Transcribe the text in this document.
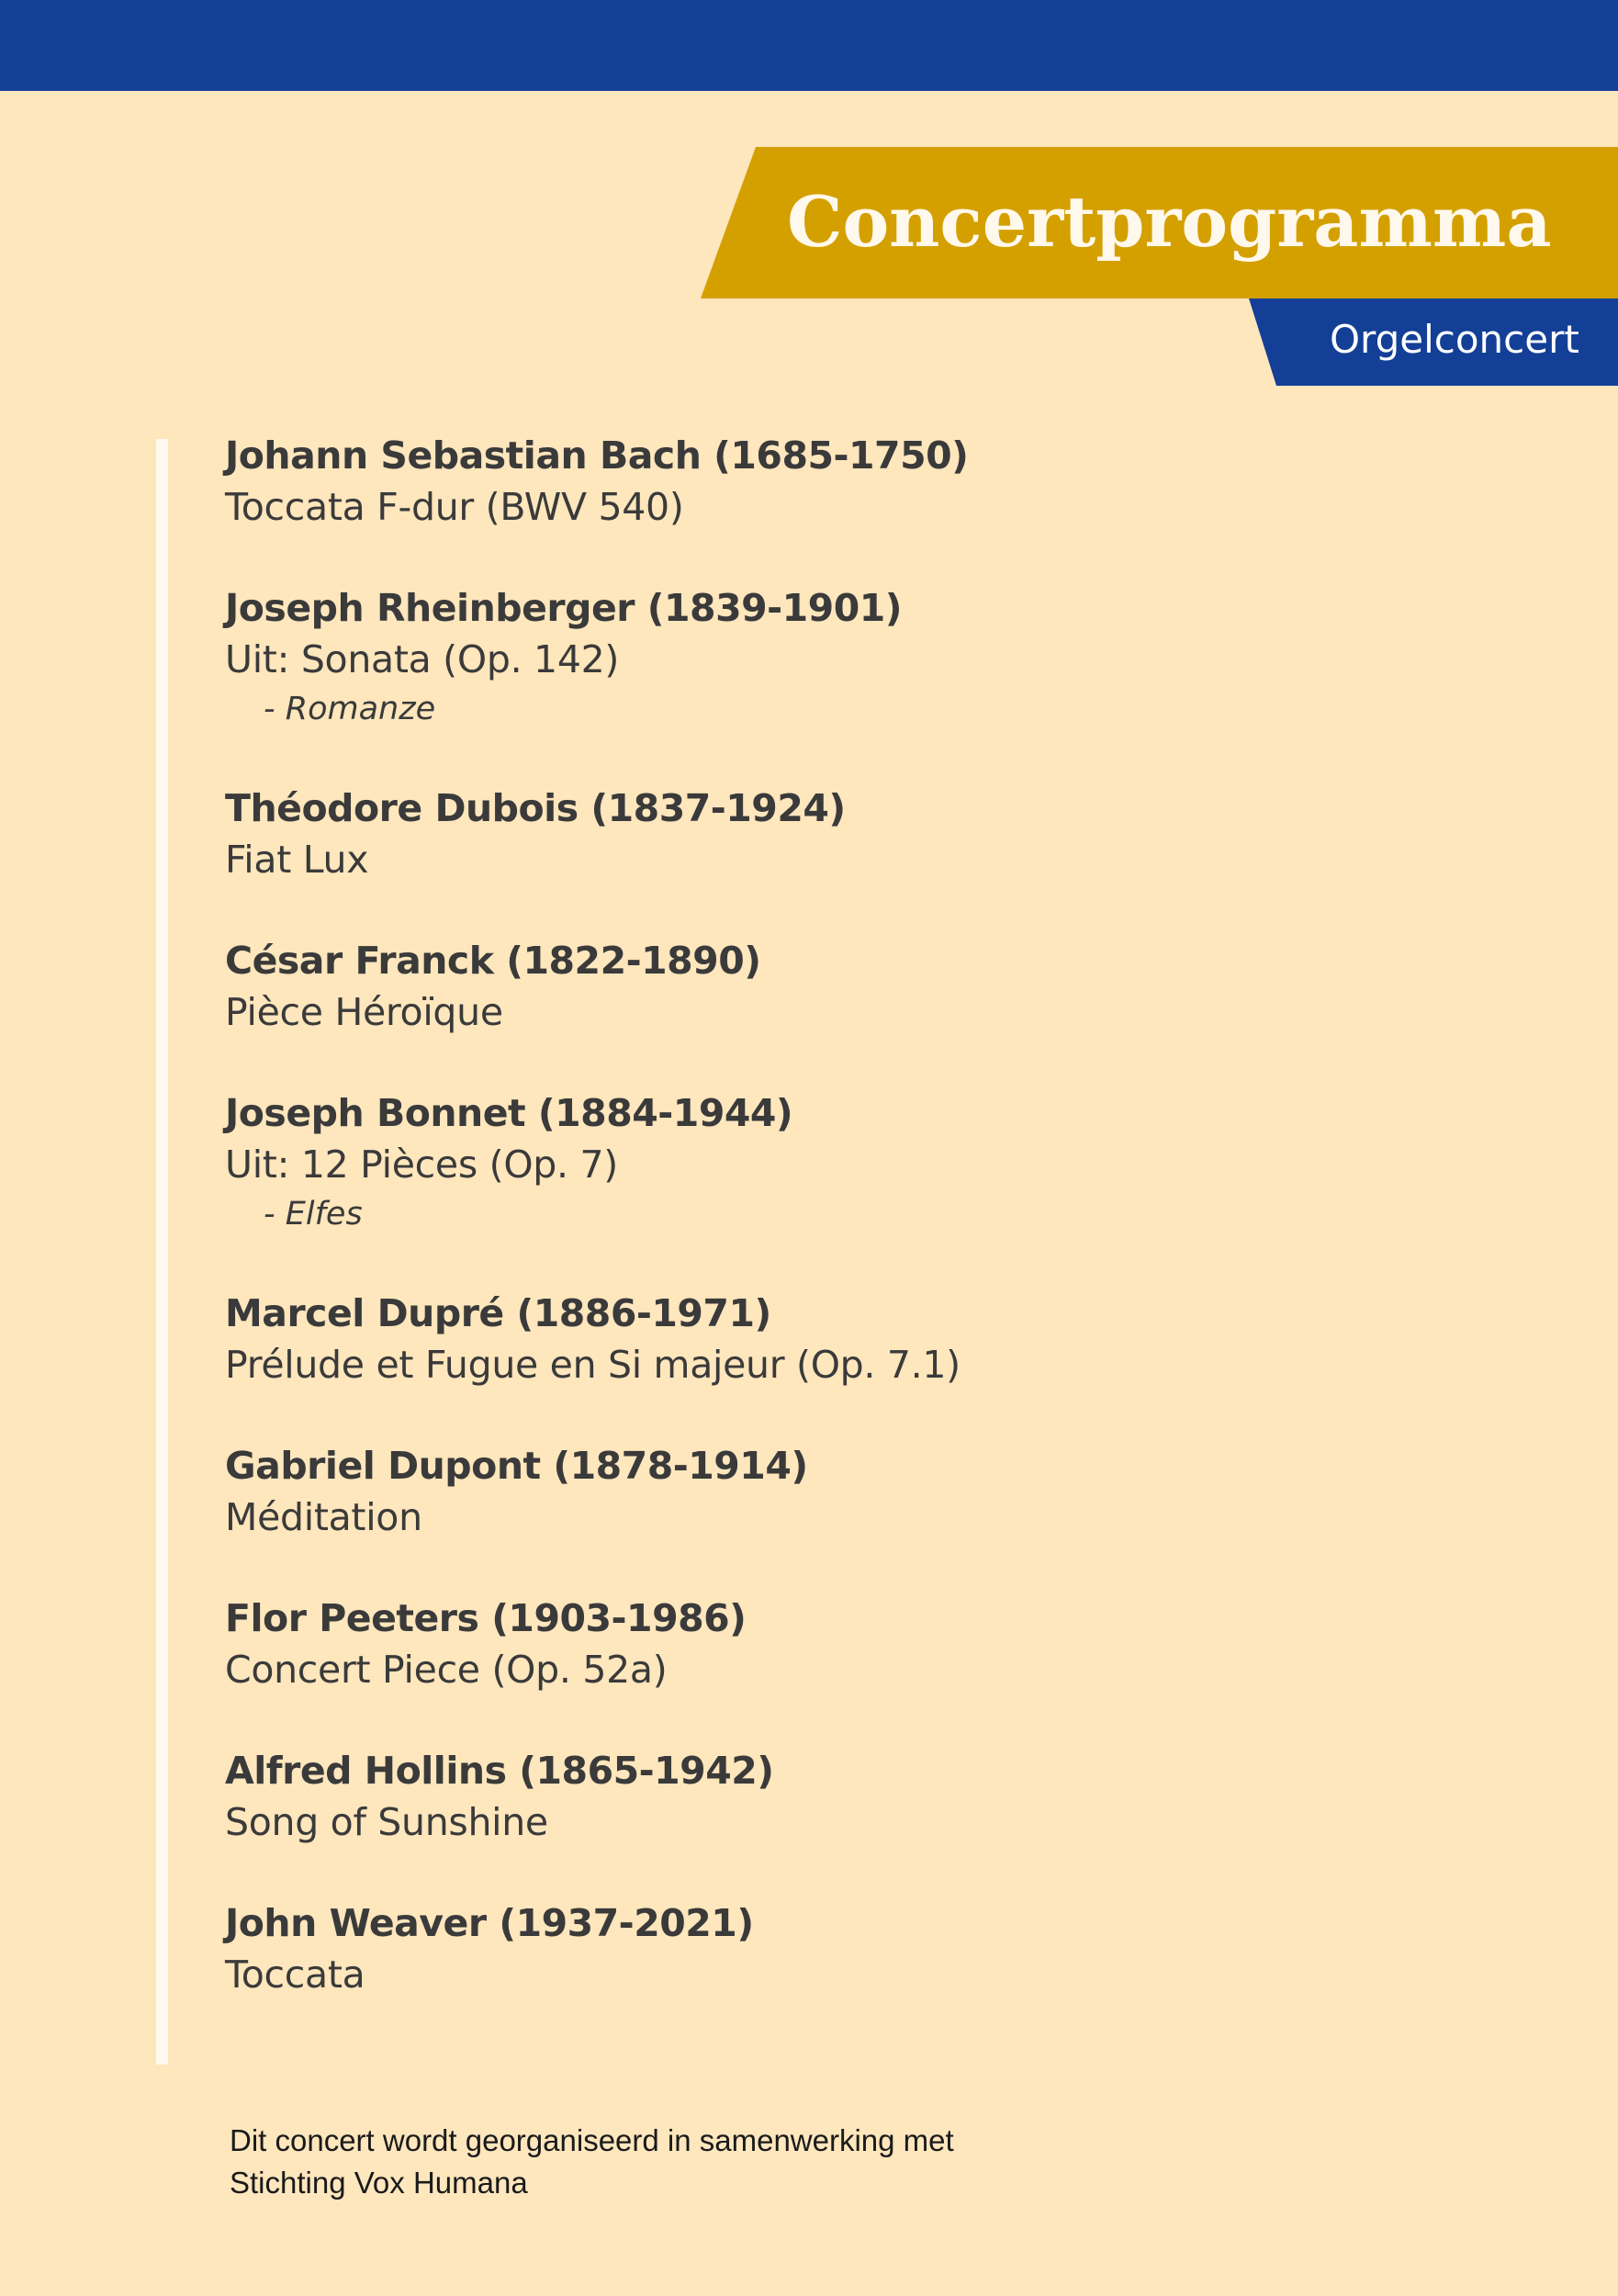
Concertprogramma
Orgelconcert
Johann Sebastian Bach (1685-1750)
Toccata F-dur (BWV 540)
Joseph Rheinberger (1839-1901)
Uit: Sonata (Op. 142)
- Romanze
Théodore Dubois (1837-1924)
Fiat Lux
César Franck (1822-1890)
Pièce Héroïque
Joseph Bonnet (1884-1944)
Uit: 12 Pièces (Op. 7)
- Elfes
Marcel Dupré (1886-1971)
Prélude et Fugue en Si majeur (Op. 7.1)
Gabriel Dupont (1878-1914)
Méditation
Flor Peeters (1903-1986)
Concert Piece (Op. 52a)
Alfred Hollins (1865-1942)
Song of Sunshine
John Weaver (1937-2021)
Toccata
Dit concert wordt georganiseerd in samenwerking met
Stichting Vox Humana
